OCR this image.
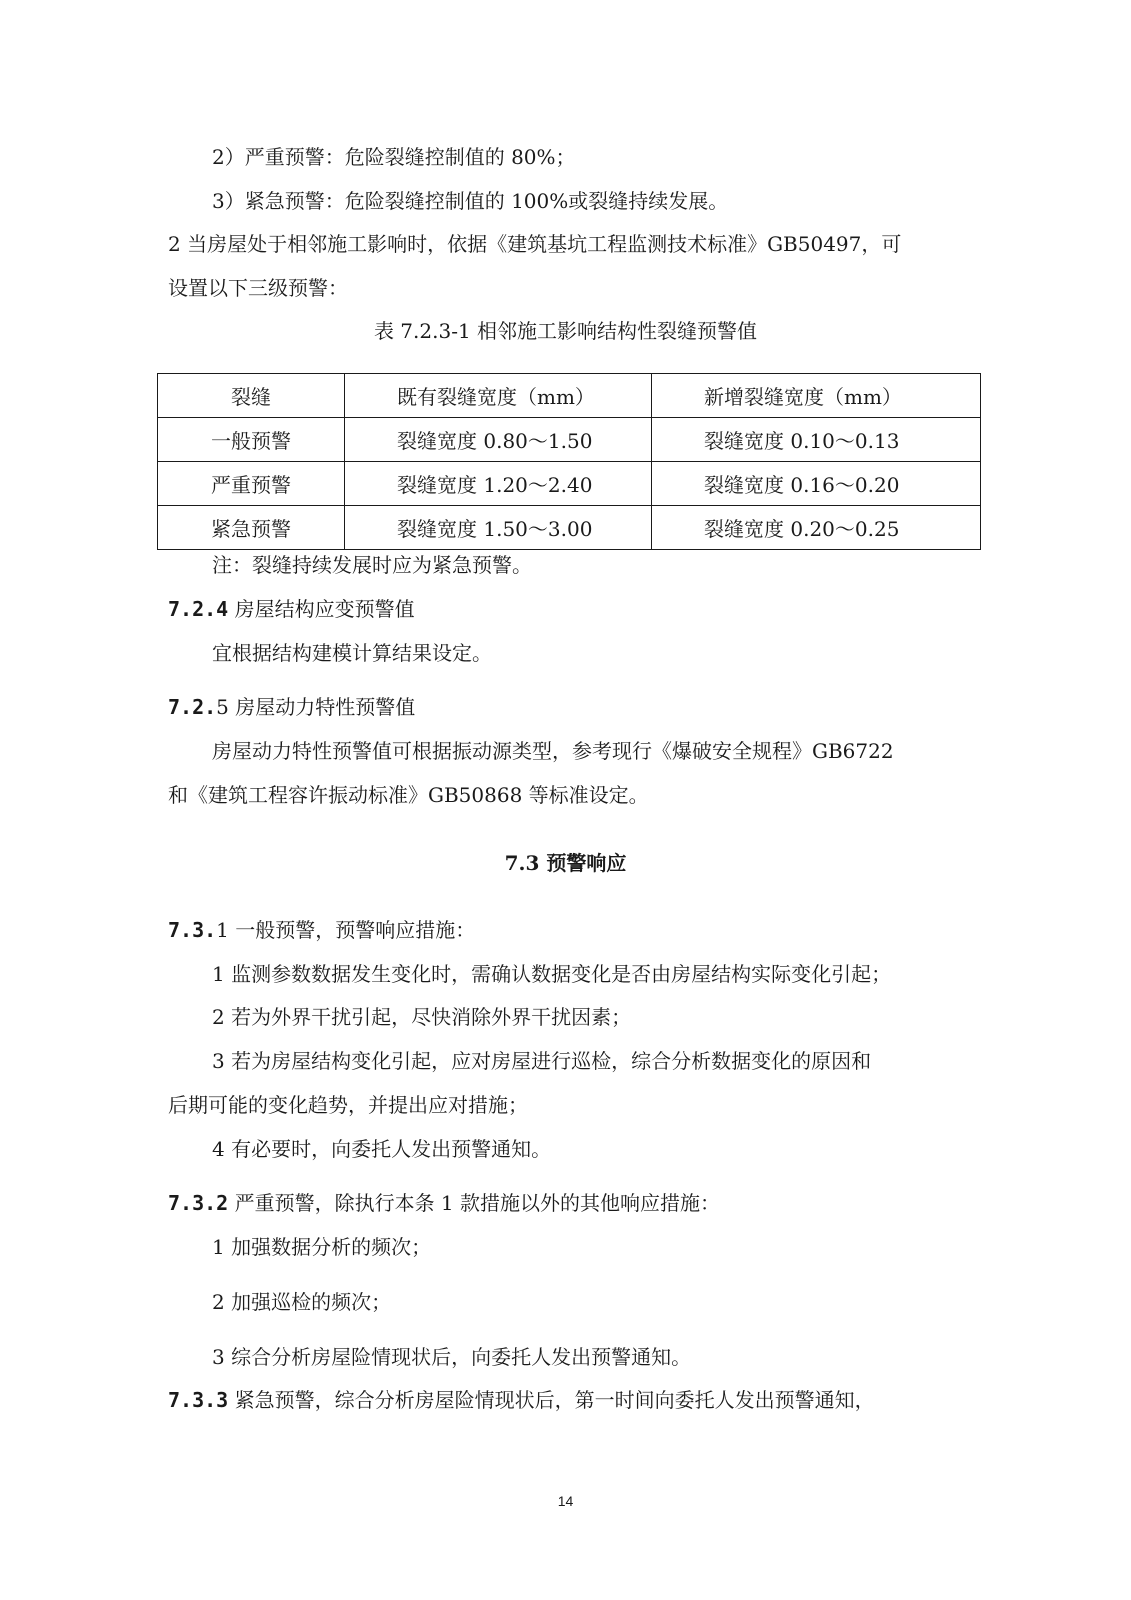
2）严重预警：危险裂缝控制值的 80%；
3）紧急预警：危险裂缝控制值的 100%或裂缝持续发展。
2 当房屋处于相邻施工影响时，依据《建筑基坑工程监测技术标准》GB50497，可
设置以下三级预警：
表 7.2.3-1 相邻施工影响结构性裂缝预警值
裂缝	既有裂缝宽度（mm）	新增裂缝宽度（mm）
一般预警	裂缝宽度 0.80～1.50	裂缝宽度 0.10～0.13
严重预警	裂缝宽度 1.20～2.40	裂缝宽度 0.16～0.20
紧急预警	裂缝宽度 1.50～3.00	裂缝宽度 0.20～0.25
注：裂缝持续发展时应为紧急预警。
7.2.4 房屋结构应变预警值
宜根据结构建模计算结果设定。
7.2.5 房屋动力特性预警值
房屋动力特性预警值可根据振动源类型，参考现行《爆破安全规程》GB6722
和《建筑工程容许振动标准》GB50868 等标准设定。
7.3 预警响应
7.3.1 一般预警，预警响应措施：
1 监测参数数据发生变化时，需确认数据变化是否由房屋结构实际变化引起；
2 若为外界干扰引起，尽快消除外界干扰因素；
3 若为房屋结构变化引起，应对房屋进行巡检，综合分析数据变化的原因和
后期可能的变化趋势，并提出应对措施；
4 有必要时，向委托人发出预警通知。
7.3.2 严重预警，除执行本条 1 款措施以外的其他响应措施：
1 加强数据分析的频次；
2 加强巡检的频次；
3 综合分析房屋险情现状后，向委托人发出预警通知。
7.3.3 紧急预警，综合分析房屋险情现状后，第一时间向委托人发出预警通知，
14
